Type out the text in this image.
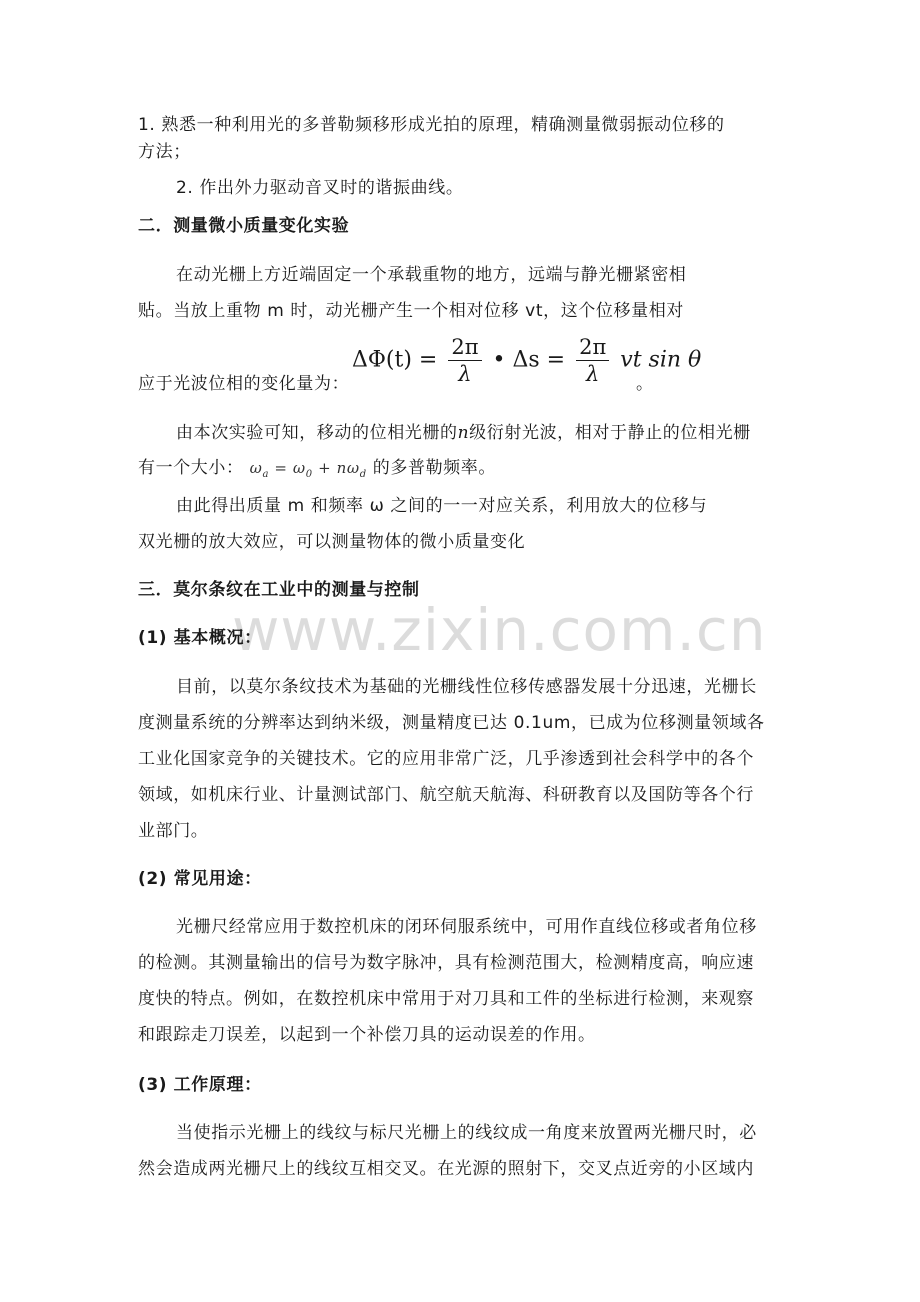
1. 熟悉一种利用光的多普勒频移形成光拍的原理，精确测量微弱振动位移的
方法；
2. 作出外力驱动音叉时的谐振曲线。
二．测量微小质量变化实验
在动光栅上方近端固定一个承载重物的地方，远端与静光栅紧密相
贴。当放上重物 m 时，动光栅产生一个相对位移 vt，这个位移量相对
应于光波位相的变化量为：
$\Delta\Phi(t) = \frac{2\pi}{\lambda}$ • $\Delta s = \frac{2\pi}{\lambda}$ vt sin θ
。
由本次实验可知，移动的位相光栅的n级衍射光波，相对于静止的位相光栅
有一个大小： $\omega_a = \omega_0 + n\omega_d$ 的多普勒频率。
由此得出质量 m 和频率 ω 之间的一一对应关系，利用放大的位移与
双光栅的放大效应，可以测量物体的微小质量变化
三．莫尔条纹在工业中的测量与控制
www.zixin.com.cn
(1) 基本概况：
目前，以莫尔条纹技术为基础的光栅线性位移传感器发展十分迅速，光栅长
度测量系统的分辨率达到纳米级，测量精度已达 0.1um，已成为位移测量领域各
工业化国家竞争的关键技术。它的应用非常广泛，几乎渗透到社会科学中的各个
领域，如机床行业、计量测试部门、航空航天航海、科研教育以及国防等各个行
业部门。
(2) 常见用途：
光栅尺经常应用于数控机床的闭环伺服系统中，可用作直线位移或者角位移
的检测。其测量输出的信号为数字脉冲，具有检测范围大，检测精度高，响应速
度快的特点。例如，在数控机床中常用于对刀具和工件的坐标进行检测，来观察
和跟踪走刀误差，以起到一个补偿刀具的运动误差的作用。
(3) 工作原理：
当使指示光栅上的线纹与标尺光栅上的线纹成一角度来放置两光栅尺时，必
然会造成两光栅尺上的线纹互相交叉。在光源的照射下，交叉点近旁的小区域内
